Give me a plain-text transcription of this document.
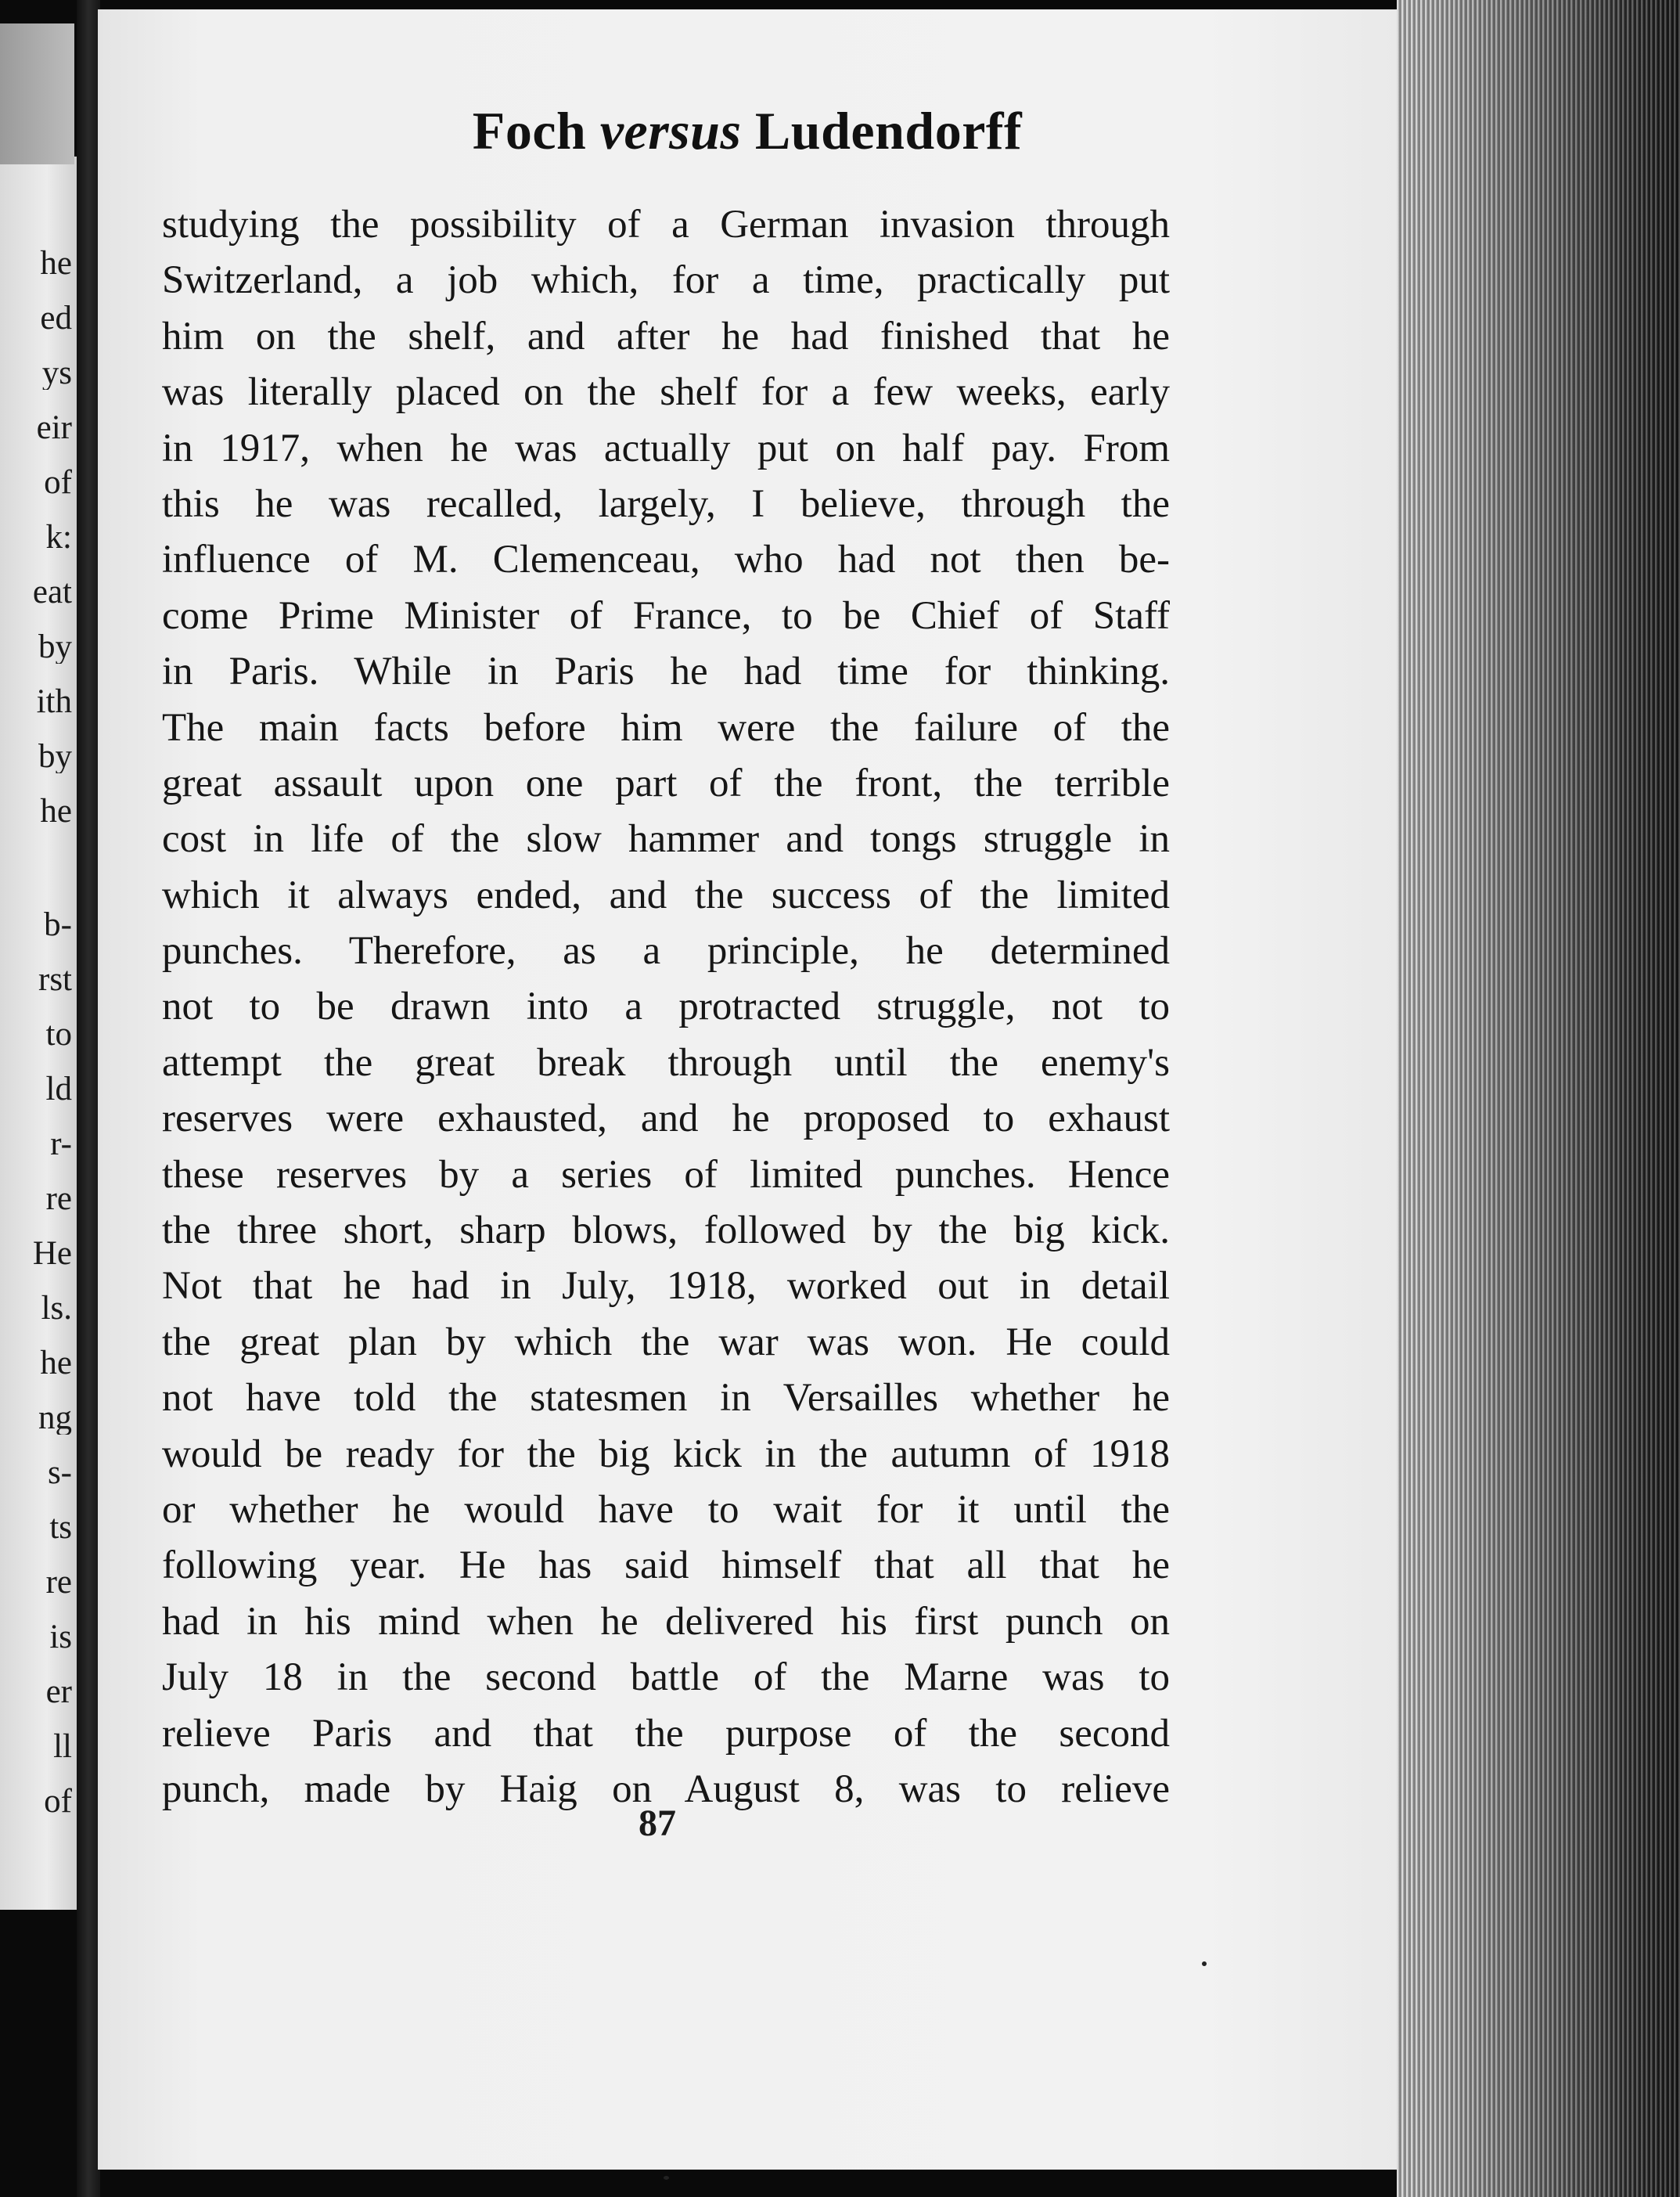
he
ed
ys
eir
of
k:
eat
by
ith
by
he
b-
rst
to
ld
r-
re
He
ls.
he
ng
s-
ts
re
is
er
ll
of
Foch versus Ludendorff
studying the possibility of a German invasion through
Switzerland, a job which, for a time, practically put
him on the shelf, and after he had finished that he
was literally placed on the shelf for a few weeks, early
in 1917, when he was actually put on half pay. From
this he was recalled, largely, I believe, through the
influence of M. Clemenceau, who had not then be-
come Prime Minister of France, to be Chief of Staff
in Paris. While in Paris he had time for thinking.
The main facts before him were the failure of the
great assault upon one part of the front, the terrible
cost in life of the slow hammer and tongs struggle in
which it always ended, and the success of the limited
punches. Therefore, as a principle, he determined
not to be drawn into a protracted struggle, not to
attempt the great break through until the enemy's
reserves were exhausted, and he proposed to exhaust
these reserves by a series of limited punches. Hence
the three short, sharp blows, followed by the big kick.
Not that he had in July, 1918, worked out in detail
the great plan by which the war was won. He could
not have told the statesmen in Versailles whether he
would be ready for the big kick in the autumn of 1918
or whether he would have to wait for it until the
following year. He has said himself that all that he
had in his mind when he delivered his first punch on
July 18 in the second battle of the Marne was to
relieve Paris and that the purpose of the second
punch, made by Haig on August 8, was to relieve
87
